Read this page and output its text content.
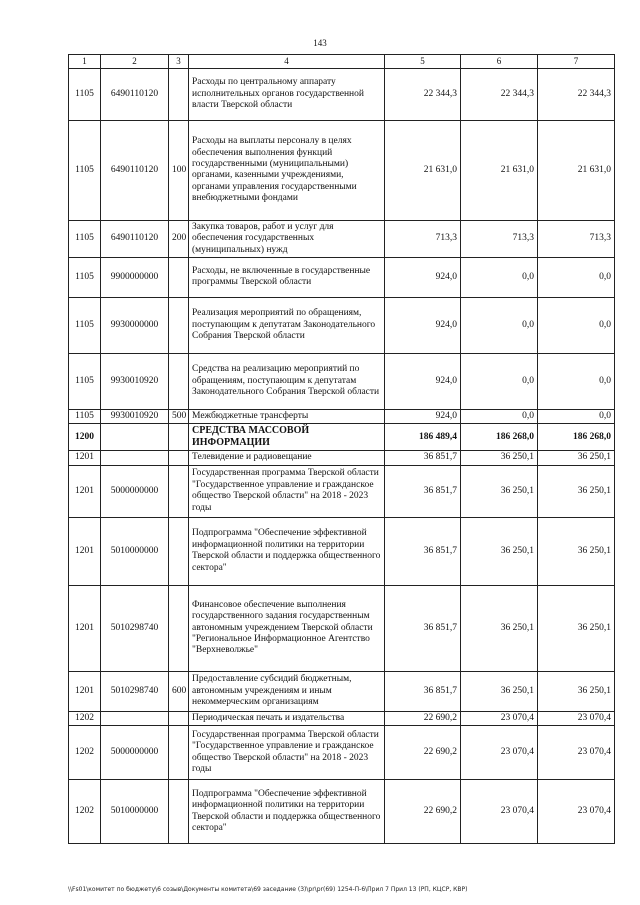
143
1	2	3	4	5	6	7
1105	6490110120		Расходы по центральному аппарату исполнительных органов государственной власти Тверской области	22 344,3	22 344,3	22 344,3
1105	6490110120	100	Расходы на выплаты персоналу в целях обеспечения выполнения функций государственными (муниципальными) органами, казенными учреждениями, органами управления государственными внебюджетными фондами	21 631,0	21 631,0	21 631,0
1105	6490110120	200	Закупка товаров, работ и услуг для обеспечения государственных (муниципальных) нужд	713,3	713,3	713,3
1105	9900000000		Расходы, не включенные в государственные программы Тверской области	924,0	0,0	0,0
1105	9930000000		Реализация мероприятий по обращениям, поступающим к депутатам Законодательного Собрания Тверской области	924,0	0,0	0,0
1105	9930010920		Средства на реализацию мероприятий по обращениям, поступающим к депутатам Законодательного Собрания Тверской области	924,0	0,0	0,0
1105	9930010920	500	Межбюджетные трансферты	924,0	0,0	0,0
1200			СРЕДСТВА МАССОВОЙ ИНФОРМАЦИИ	186 489,4	186 268,0	186 268,0
1201			Телевидение и радиовещание	36 851,7	36 250,1	36 250,1
1201	5000000000		Государственная программа Тверской области "Государственное управление и гражданское общество Тверской области" на 2018 - 2023 годы	36 851,7	36 250,1	36 250,1
1201	5010000000		Подпрограмма "Обеспечение эффективной информационной политики на территории Тверской области и поддержка общественного сектора"	36 851,7	36 250,1	36 250,1
1201	5010298740		Финансовое обеспечение выполнения государственного задания государственным автономным учреждением Тверской области "Региональное Информационное Агентство "Верхневолжье"	36 851,7	36 250,1	36 250,1
1201	5010298740	600	Предоставление субсидий бюджетным, автономным учреждениям и иным некоммерческим организациям	36 851,7	36 250,1	36 250,1
1202			Периодическая печать и издательства	22 690,2	23 070,4	23 070,4
1202	5000000000		Государственная программа Тверской области "Государственное управление и гражданское общество Тверской области" на 2018 - 2023 годы	22 690,2	23 070,4	23 070,4
1202	5010000000		Подпрограмма "Обеспечение эффективной информационной политики на территории Тверской области и поддержка общественного сектора"	22 690,2	23 070,4	23 070,4
\\Fs01\комитет по бюджету\6 созыв\Документы комитета\69 заседание (3)\pr\рr(69) 1254-П-6\Прил 7 Прил 13 (РП, КЦСР, КВР)
